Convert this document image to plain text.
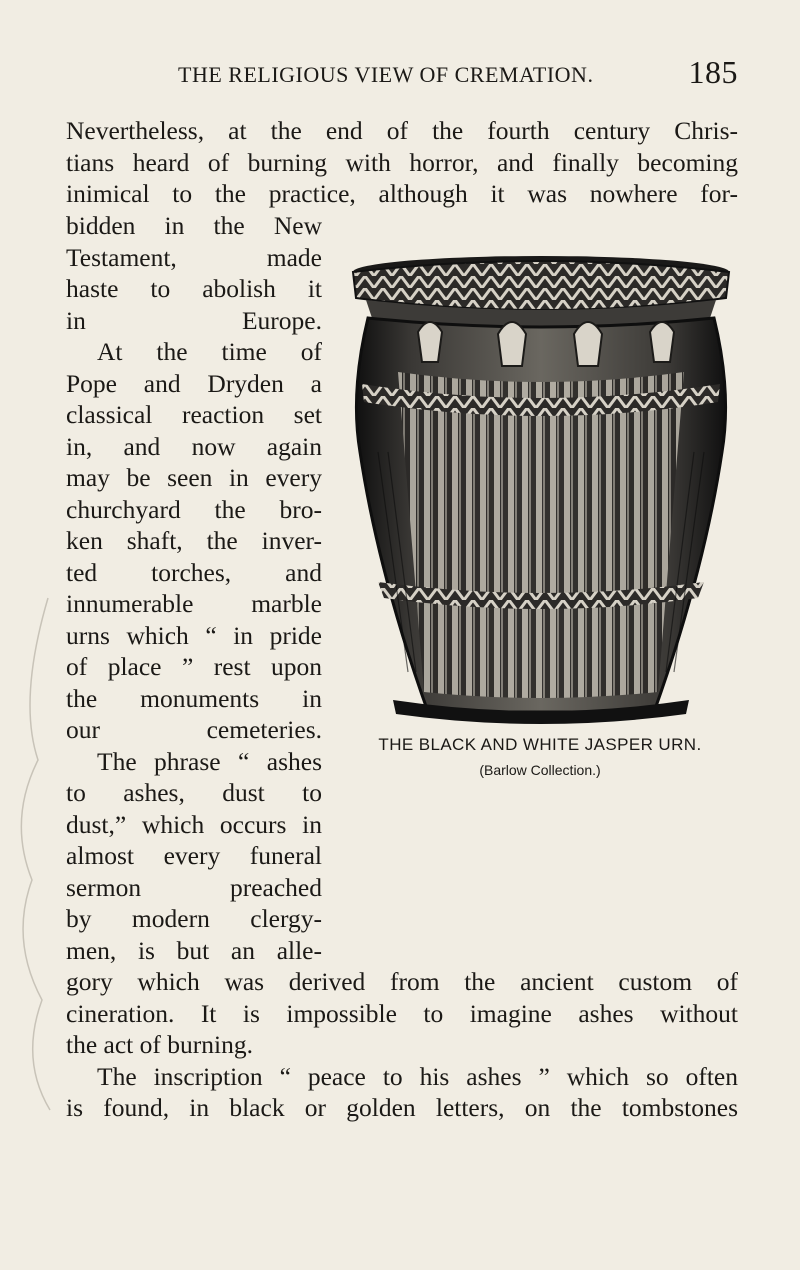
THE RELIGIOUS VIEW OF CREMATION.	185

Nevertheless, at the end of the fourth century Chris-
tians heard of burning with horror, and finally becoming
inimical to the practice, although it was nowhere for-

bidden in the New
Testament, made
haste to abolish it
in Europe.
At the time of
Pope and Dryden a
classical reaction set
in, and now again
may be seen in every
churchyard the bro-
ken shaft, the inver-
ted torches, and
innumerable marble
urns which “ in pride
of place ” rest upon
the monuments in
our cemeteries.
The phrase “ ashes
to ashes, dust to
dust,” which occurs in
almost every funeral
sermon preached
by modern clergy-
men, is but an alle-

gory which was derived from the ancient custom of
cineration. It is impossible to imagine ashes without
the act of burning.
The inscription “ peace to his ashes ” which so often
is found, in black or golden letters, on the tombstones

THE BLACK AND WHITE JASPER URN.
(Barlow Collection.)
